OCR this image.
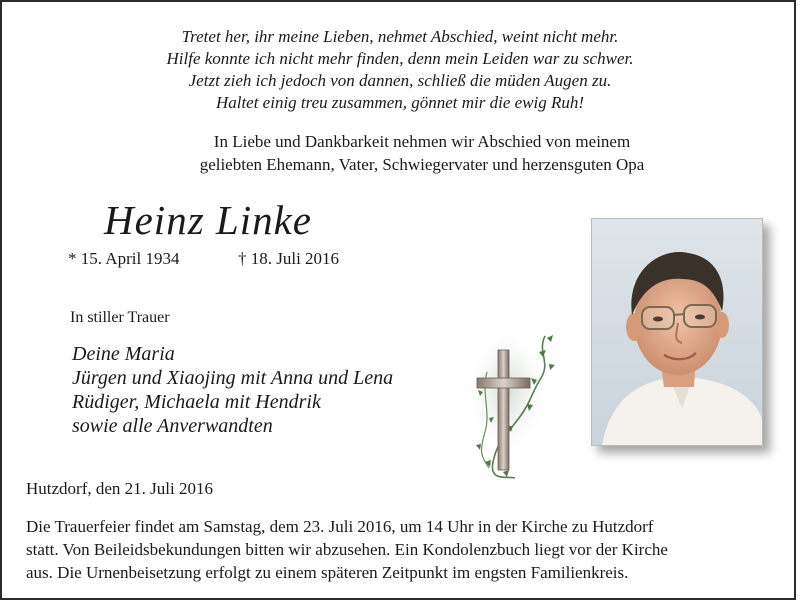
Tretet her, ihr meine Lieben, nehmet Abschied, weint nicht mehr.
Hilfe konnte ich nicht mehr finden, denn mein Leiden war zu schwer.
Jetzt zieh ich jedoch von dannen, schließ die müden Augen zu.
Haltet einig treu zusammen, gönnet mir die ewig Ruh!
In Liebe und Dankbarkeit nehmen wir Abschied von meinem
geliebten Ehemann, Vater, Schwiegervater und herzensguten Opa
Heinz Linke
* 15. April 1934	† 18. Juli 2016
In stiller Trauer
Deine Maria
Jürgen und Xiaojing mit Anna und Lena
Rüdiger, Michaela mit Hendrik
sowie alle Anverwandten
Hutzdorf, den 21. Juli 2016
Die Trauerfeier findet am Samstag, dem 23. Juli 2016, um 14 Uhr in der Kirche zu Hutzdorf
statt. Von Beileidsbekundungen bitten wir abzusehen. Ein Kondolenzbuch liegt vor der Kirche
aus. Die Urnenbeisetzung erfolgt zu einem späteren Zeitpunkt im engsten Familienkreis.
